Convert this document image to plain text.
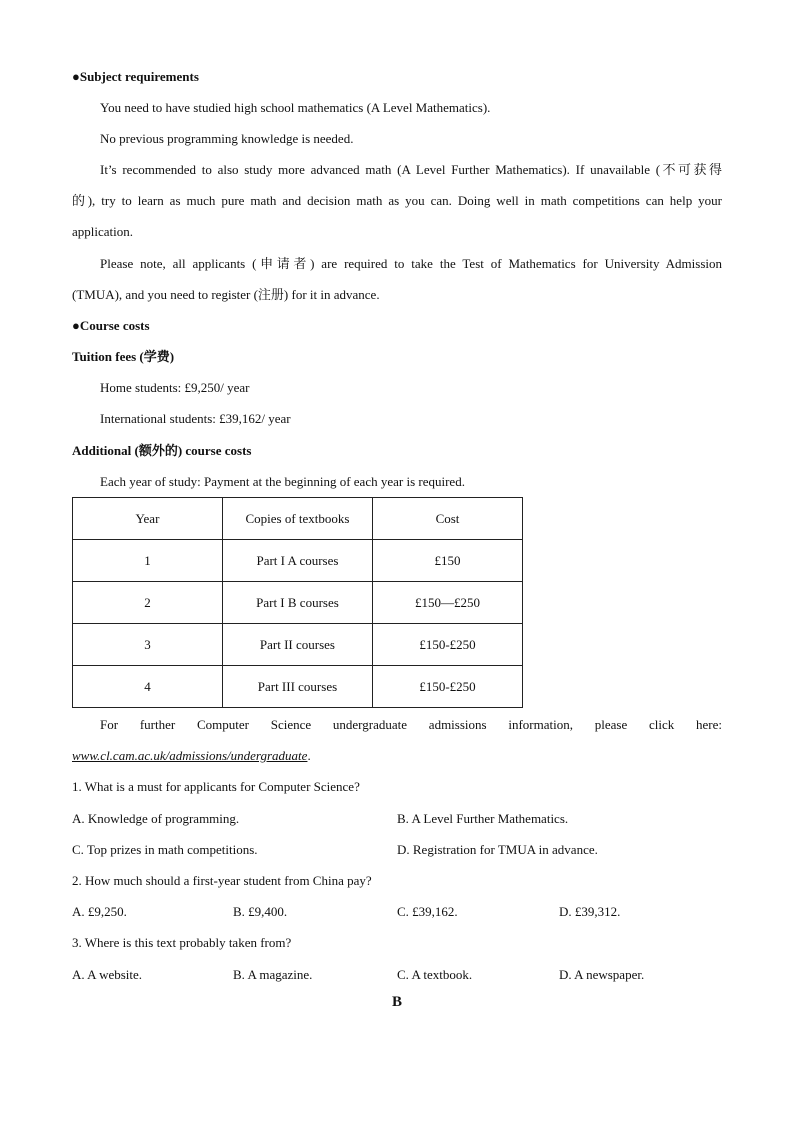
●Subject requirements
You need to have studied high school mathematics (A Level Mathematics).
No previous programming knowledge is needed.
It’s recommended to also study more advanced math (A Level Further Mathematics). If unavailable (不可获得
的), try to learn as much pure math and decision math as you can. Doing well in math competitions can help your
application.
Please note, all applicants (申请者) are required to take the Test of Mathematics for University Admission
(TMUA), and you need to register (注册) for it in advance.
●Course costs
Tuition fees (学费)
Home students: £9,250/ year
International students: £39,162/ year
Additional (额外的) course costs
Each year of study: Payment at the beginning of each year is required.
Year	Copies of textbooks	Cost
1	Part I A courses	£150
2	Part I B courses	£150—£250
3	Part II courses	£150-£250
4	Part III courses	£150-£250
For further Computer Science undergraduate admissions information, please click here:
www.cl.cam.ac.uk/admissions/undergraduate.
1. What is a must for applicants for Computer Science?
A. Knowledge of programming.	B. A Level Further Mathematics.
C. Top prizes in math competitions.	D. Registration for TMUA in advance.
2. How much should a first-year student from China pay?
A. £9,250.	B. £9,400.	C. £39,162.	D. £39,312.
3. Where is this text probably taken from?
A. A website.	B. A magazine.	C. A textbook.	D. A newspaper.
B
